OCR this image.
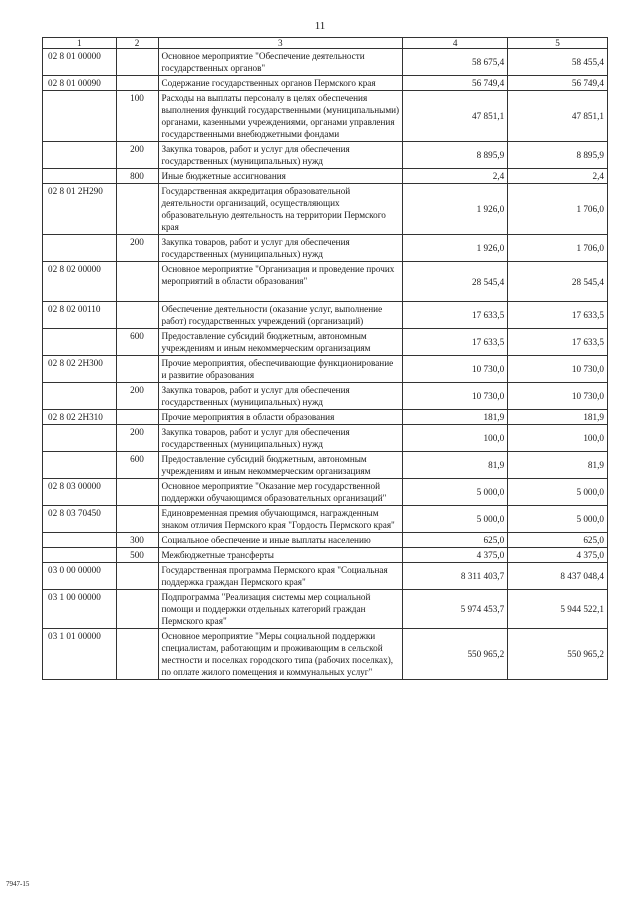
11
1	2	3	4	5
02 8 01 00000		Основное мероприятие "Обеспечение деятельности государственных органов"	58 675,4	58 455,4
02 8 01 00090		Содержание государственных органов Пермского края	56 749,4	56 749,4
	100	Расходы на выплаты персоналу в целях обеспечения выполнения функций государственными (муниципальными) органами, казенными учреждениями, органами управления государственными внебюджетными фондами	47 851,1	47 851,1
	200	Закупка товаров, работ и услуг для обеспечения государственных (муниципальных) нужд	8 895,9	8 895,9
	800	Иные бюджетные ассигнования	2,4	2,4
02 8 01 2Н290		Государственная аккредитация образовательной деятельности организаций, осуществляющих образовательную деятельность на территории Пермского края	1 926,0	1 706,0
	200	Закупка товаров, работ и услуг для обеспечения государственных (муниципальных) нужд	1 926,0	1 706,0
02 8 02 00000		Основное мероприятие "Организация и проведение прочих мероприятий в области образования"	28 545,4	28 545,4
02 8 02 00110		Обеспечение деятельности (оказание услуг, выполнение работ) государственных учреждений (организаций)	17 633,5	17 633,5
	600	Предоставление субсидий бюджетным, автономным учреждениям и иным некоммерческим организациям	17 633,5	17 633,5
02 8 02 2Н300		Прочие мероприятия, обеспечивающие функционирование и развитие образования	10 730,0	10 730,0
	200	Закупка товаров, работ и услуг для обеспечения государственных (муниципальных) нужд	10 730,0	10 730,0
02 8 02 2Н310		Прочие мероприятия в области образования	181,9	181,9
	200	Закупка товаров, работ и услуг для обеспечения государственных (муниципальных) нужд	100,0	100,0
	600	Предоставление субсидий бюджетным, автономным учреждениям и иным некоммерческим организациям	81,9	81,9
02 8 03 00000		Основное мероприятие "Оказание мер государственной поддержки обучающимся образовательных организаций"	5 000,0	5 000,0
02 8 03 70450		Единовременная премия обучающимся, награжденным знаком отличия Пермского края "Гордость Пермского края"	5 000,0	5 000,0
	300	Социальное обеспечение и иные выплаты населению	625,0	625,0
	500	Межбюджетные трансферты	4 375,0	4 375,0
03 0 00 00000		Государственная программа Пермского края "Социальная поддержка граждан Пермского края"	8 311 403,7	8 437 048,4
03 1 00 00000		Подпрограмма "Реализация системы мер социальной помощи и поддержки отдельных категорий граждан Пермского края"	5 974 453,7	5 944 522,1
03 1 01 00000		Основное мероприятие "Меры социальной поддержки специалистам, работающим и проживающим в сельской местности и поселках городского типа (рабочих поселках), по оплате жилого помещения и коммунальных услуг"	550 965,2	550 965,2
7947-15
